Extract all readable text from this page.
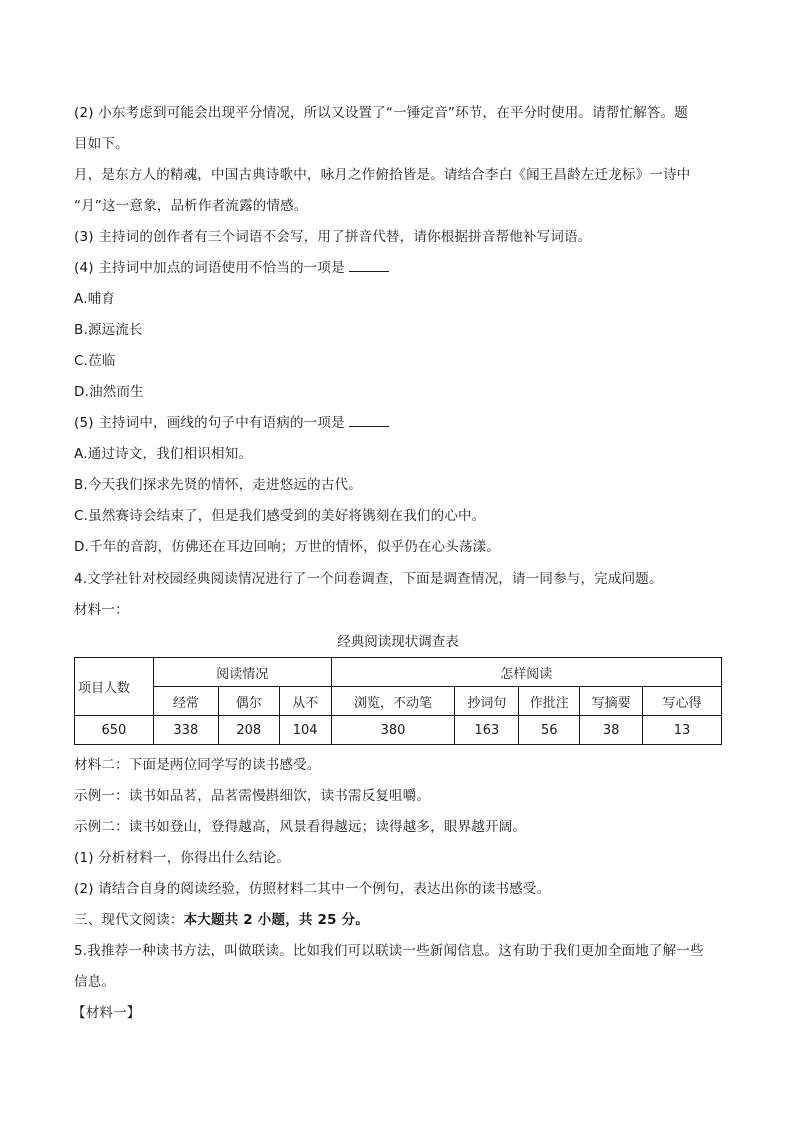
(2) 小东考虑到可能会出现平分情况，所以又设置了“一锤定音”环节，在平分时使用。请帮忙解答。题
目如下。
月，是东方人的精魂，中国古典诗歌中，咏月之作俯拾皆是。请结合李白《闻王昌龄左迁龙标》一诗中
“月”这一意象，品析作者流露的情感。
(3) 主持词的创作者有三个词语不会写，用了拼音代替，请你根据拼音帮他补写词语。
(4) 主持词中加点的词语使用不恰当的一项是
A.哺育
B.源远流长
C.莅临
D.油然而生
(5) 主持词中，画线的句子中有语病的一项是
A.通过诗文，我们相识相知。
B.今天我们探求先贤的情怀，走进悠远的古代。
C.虽然赛诗会结束了，但是我们感受到的美好将镌刻在我们的心中。
D.千年的音韵，仿佛还在耳边回响；万世的情怀，似乎仍在心头荡漾。
4.文学社针对校园经典阅读情况进行了一个问卷调查，下面是调查情况，请一同参与，完成问题。
材料一：
经典阅读现状调查表
项目人数	阅读情况			怎样阅读				
	经常	偶尔	从不	浏览，不动笔	抄词句	作批注	写摘要	写心得
650	338	208	104	380	163	56	38	13
材料二：下面是两位同学写的读书感受。
示例一：读书如品茗，品茗需慢斟细饮，读书需反复咀嚼。
示例二：读书如登山，登得越高，风景看得越远；读得越多，眼界越开阔。
(1) 分析材料一，你得出什么结论。
(2) 请结合自身的阅读经验，仿照材料二其中一个例句，表达出你的读书感受。
三、现代文阅读：本大题共 2 小题，共 25 分。
5.我推荐一种读书方法，叫做联读。比如我们可以联读一些新闻信息。这有助于我们更加全面地了解一些
信息。
【材料一】
